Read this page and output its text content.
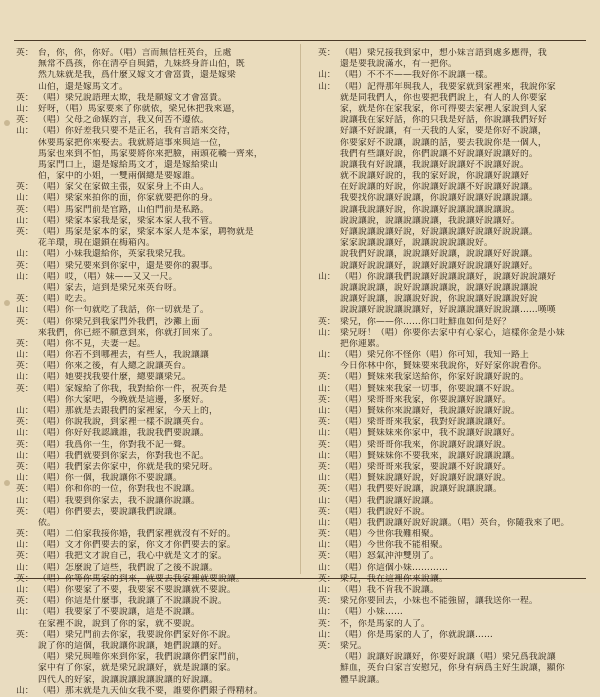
英： 台，你，你，你好。（唱）言而無信枉英台，丘處
無常不爲孩，你在清亭自與錯，九妹終身許山伯，既
然九妹就是我，爲什麼又嫁文才會富貴，還是嫁梁
山伯，還是嫁馬文才。
英： （唱）梁兄說語理太欺，我是願嫁文才會富貴。
山： 好呀，（唱）馬家要來了你就依，梁兄休把我來逼，
英： （唱）父母之命媒妁言，我又何苦不遵依。
山： （唱）你好差我只要不是正名，我有言語來交待，
休要馬家把你來娶去。我就將這事來與這一位，
馬家也來到不怕，馬家要將你來把臉，兩頭花轎一齊來，
馬家門口上，還是嫁給馬文才，還是嫁給梁山
伯，家中的小姐，一雙兩個總是要嫁誰。
英： （唱）家父在家做主張，奴家身上不由人。
山： （唱）梁家來拍你的面，你家就要把你的身。
英： （唱）馬家門前是官路，山伯門前是私路。
山： （唱）梁家本家我是家，梁家本家人我不管。
英： （唱）馬家是家本的家，梁家本家人是本家，聘物就是
花羊環，現在還鎖在梅箱內。
山： （唱）小妹我還給你，英家我梁兄我。
英： （唱）梁兄要來到你家中，還是要你的親事。
山： （唱）哎，（唱）妹——又又一尺。
（唱）家去，這到是梁兄來英台呀。
英： （唱）吃去。
山： （唱）你一句就吃了我話，你一切就是了。
英： （唱）你梁兄到我家門外我們，沙灘上面
來我們，你已經不願意到來，你就打回來了。
英： （唱）你不見，夫妻一起。
山： （唱）你若不到哪裡去，有些人，我說讓讓
英： （唱）你來之後，有人總之說讓英台。
山： （唱）她要找我要什麼，總要讓梁兄。
英： （唱）家嫁給了你我，我對給你一件，祝英台是
（唱）你大家吧，今晚就是這邊，多麼好。
山： （唱）那就是去跟我們的家裡家，今天上的，
英： （唱）你說我說，到家裡一樣不說讓英台。
山： （唱）你好好我認識誰，我說我們要說讓。
英： （唱）我爲你一生，你對我不記一聲。
山： （唱）我們就要到你家去，你對我也不記。
英： （唱）我們家去你家中，你就是我的梁兄呀。
山： （唱）你一個，我說讓你不要說讓。
英： （唱）你和你的一位，你對我也不說讓。
山： （唱）我要到你家去，我不說讓你說讓。
英： （唱）你們要去，要說讓我們說讓。
依。
英： （唱）二伯家我接你婚，我們家裡就沒有不好的。
山： （唱）文才你們要去的家，你文才你們要去的家。
英： （唱）我把文才說自己，我心中就是文才的家。
山： （唱）怎麼說了這些，我們說了之後不說讓。
英： （唱）你等你馬家的到來，就要去我家裡就要說讓。
山： （唱）你要家了不要，我要家不要說讓就不要說。
英： （唱）你這是什麼事，我說讓了不說讓說不說。
山： （唱）我要家了不要說讓，這是不說讓。
在家裡不說，說到了你的家，就不要說。
英： （唱）梁兄門前去你家，我要說你們家好你不說。
說了你的這個，我說讓你說讓，她們說讓的好。
（唱）梁兄與唯你來到你家，我們說讓你們家門前，
家中有了你家，就是梁兄說讓好，就是說讓的家。
四代人的好家，說讓說讓說讓說讓的好說讓。
山： （唱）那末就是九天仙女我不要，誰要你們銀子得精材。
英： （唱）梁兄接我到家中，想小妹言語到處多應得，我
還是要我說滿水，有一把你。
山： （唱）不不不——我好你不說讓一樣。
山： （唱）記得那年與我人，我要家就到家裡來，我說你家
就是同我們人，你也要把我們說上，有人的人你要家
家，就是你在家我家，你可得要去家裡人家說到人家
說讓我在家好話，你的只我是好話，你說讓我們好好
好讓不好說讓，有一天我的人家，要是你好不說讓，
你要家好不說讓，說讓的話，要去我說你是一個人，
我們有些讓好說，你們說讓不好說讓好說讓好的。
說讓我有好說讓，我說讓好說讓好不說讓好說。
就不說讓好說的，我的家好說，你說讓好說讓好
在好說讓的好說，你說讓好說讓不好說讓好說讓。
我要找你說讓好說讓，你說讓好說讓好說讓說讓。
說讓我說讓好說，你說讓好說讓說讓說讓說。
說說讓說，說讓說讓說讓，我說讓好說讓好。
好讓說讓說讓好說，好說讓說讓好說讓好說說讓。
家家說讓說讓好，說讓說說說讓說好。
說我們好說讓，說說讓好說讓，說說讓好好說讓。
說讓好說說讓好，說讓好說讓好說說讓好說讓好。
山： （唱）你說讓我們說讓好說讓說讓好，說讓好說說讓好
說讓說說讓，說好說讓說讓說，說讓好說讓說讓說
說讓好說讓，說讓說好說，你說說讓好說讓說好說
說說讓好說說讓說讓好，好說讓說讓好說說讓……嘆嘆
英： 梁兄，你——你……你口吐鮮血如何是好？
山： 梁兄呀！（唱）你要你去家中有心家心，這樣你金是小妹
把你連累。
山： （唱）梁兄你不怪你（唱）你可知，我知一路上
今日你林中你，賢妹要來我說你，好好家你說看你。
英： （唱）賢妹來我家送給你，你家好說讓好說的。
山： （唱）賢妹來我家一切事，你要說讓不好說。
英： （唱）梁哥哥來我家，你要說讓好說讓好。
山： （唱）賢妹你來說讓好，我說讓好說讓好說。
英： （唱）梁哥哥來我家，我對好說讓說讓好。
山： （唱）賢妹妹來你家中，我不說讓好說讓好。
英： （唱）梁哥哥你我來，你說讓好說讓好說。
山： （唱）賢妹妹你不要我來，說讓好說讓說讓。
英： （唱）梁哥哥來我家，要說讓不好說讓好。
山： （唱）賢妹說讓好說，好說讓好說讓好說。
英： （唱）我們要好說讓，說讓好說讓說讓。
山： （唱）我們說讓好說讓。
英： （唱）我們說好不說。
山： （唱）我們說讓好說好說讓。（唱）英台，你隨我來了吧。
英： （唱）今世你我難相聚。
山： （唱）今世你我不能相聚。
英： （唱）怒氣沖沖雙別了。
山： （唱）你這個小妹…………
英： 梁兄，我在這裡你來說讓。
山： （唱）我不肯我不說讓。
英： 梁兄你要回去，小妹也不能強留，讓我送你一程。
山： （唱）小妹……
英： 不，你是馬家的人了。
山： （唱）你是馬家的人了，你就說讓……
英： 梁兄。
（唱）說讓好說讓好，你要好說讓（唱）梁兄爲我說讓
鮮血，英台白家言安慰兄，你身有病爲主好生說讓，顯你
體早說讓。
